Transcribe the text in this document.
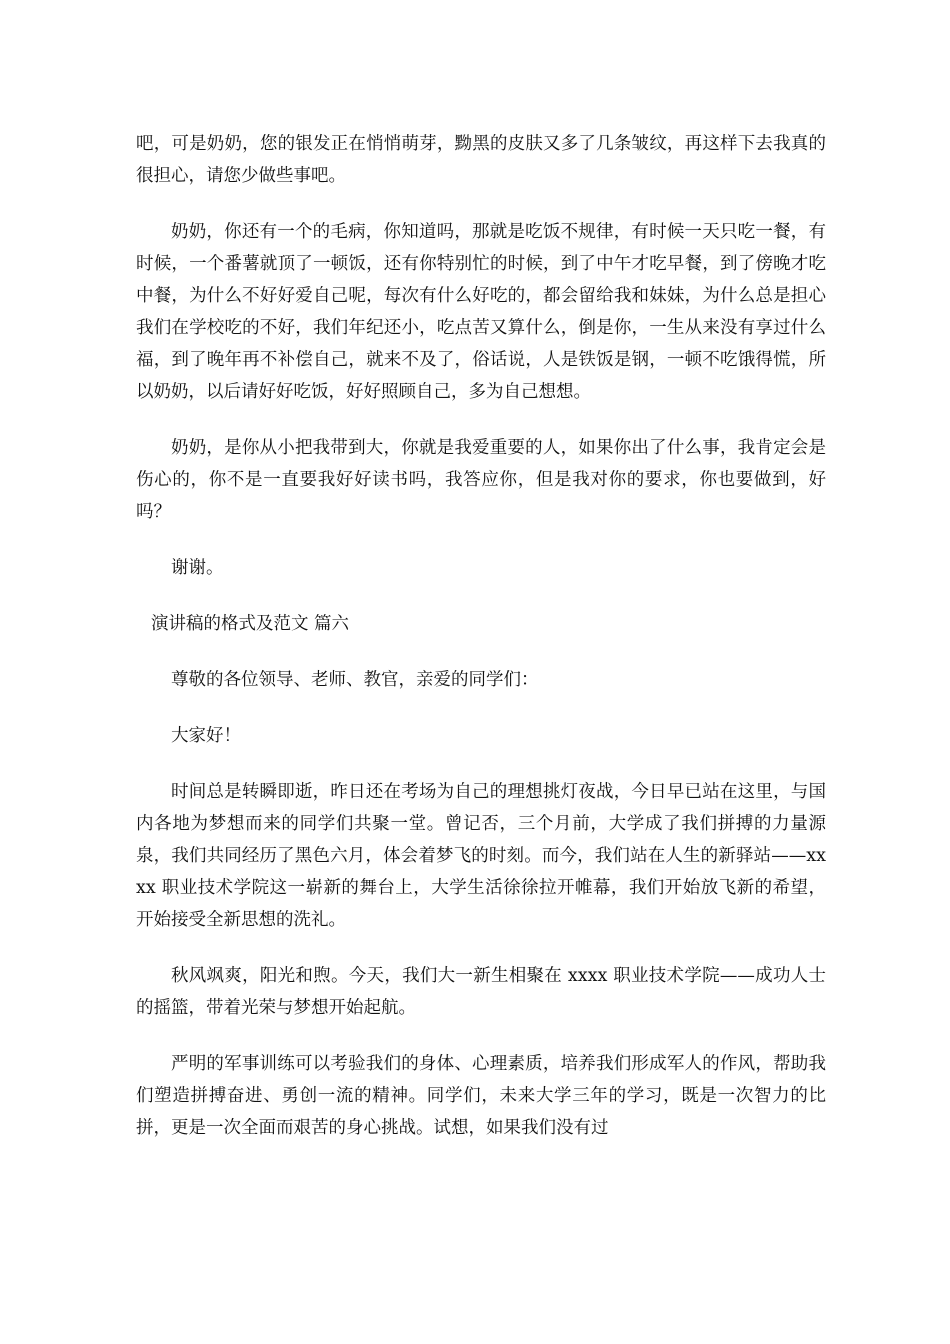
吧，可是奶奶，您的银发正在悄悄萌芽，黝黑的皮肤又多了几条皱纹，再这样下去我真的很担心，请您少做些事吧。

奶奶，你还有一个的毛病，你知道吗，那就是吃饭不规律，有时候一天只吃一餐，有时候，一个番薯就顶了一顿饭，还有你特别忙的时候，到了中午才吃早餐，到了傍晚才吃中餐，为什么不好好爱自己呢，每次有什么好吃的，都会留给我和妹妹，为什么总是担心我们在学校吃的不好，我们年纪还小，吃点苦又算什么，倒是你，一生从来没有享过什么福，到了晚年再不补偿自己，就来不及了，俗话说，人是铁饭是钢，一顿不吃饿得慌，所以奶奶，以后请好好吃饭，好好照顾自己，多为自己想想。

奶奶，是你从小把我带到大，你就是我爱重要的人，如果你出了什么事，我肯定会是伤心的，你不是一直要我好好读书吗，我答应你，但是我对你的要求，你也要做到，好吗？

谢谢。

演讲稿的格式及范文 篇六

尊敬的各位领导、老师、教官，亲爱的同学们：

大家好！

时间总是转瞬即逝，昨日还在考场为自己的理想挑灯夜战，今日早已站在这里，与国内各地为梦想而来的同学们共聚一堂。曾记否，三个月前，大学成了我们拼搏的力量源泉，我们共同经历了黑色六月，体会着梦飞的时刻。而今，我们站在人生的新驿站——xxxx 职业技术学院这一崭新的舞台上，大学生活徐徐拉开帷幕，我们开始放飞新的希望，开始接受全新思想的洗礼。

秋风飒爽，阳光和煦。今天，我们大一新生相聚在 xxxx 职业技术学院——成功人士的摇篮，带着光荣与梦想开始起航。

严明的军事训练可以考验我们的身体、心理素质，培养我们形成军人的作风，帮助我们塑造拼搏奋进、勇创一流的精神。同学们，未来大学三年的学习，既是一次智力的比拼，更是一次全面而艰苦的身心挑战。试想，如果我们没有过
